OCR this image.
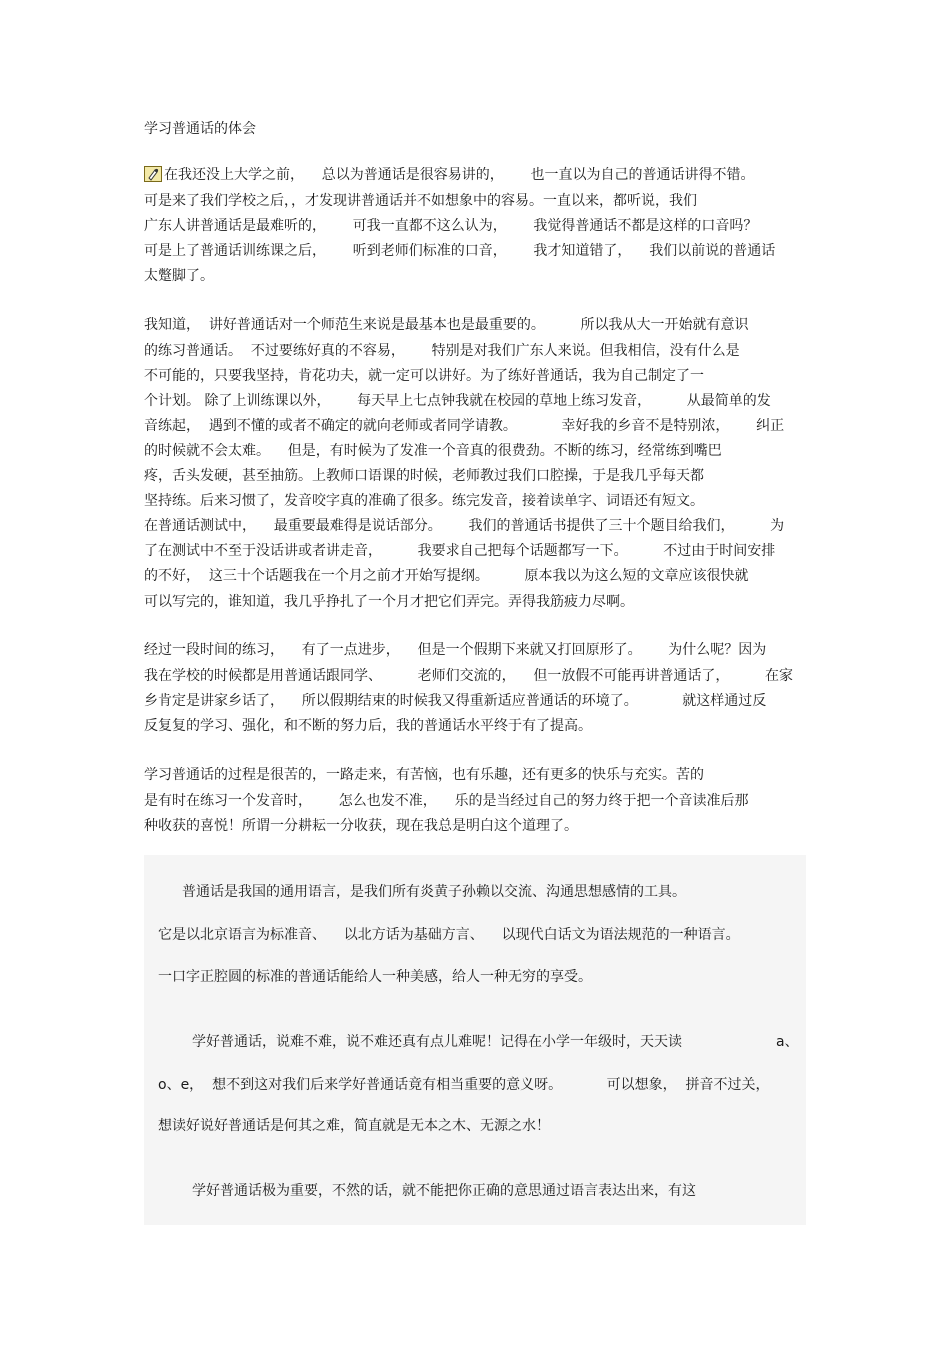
学习普通话的体会
在我还没上大学之前，    总以为普通话是很容易讲的，      也一直以为自己的普通话讲得不错。
可是来了我们学校之后，，才发现讲普通话并不如想象中的容易。一直以来，都听说，我们
广东人讲普通话是最难听的，      可我一直都不这么认为，      我觉得普通话不都是这样的口音吗？
可是上了普通话训练课之后，      听到老师们标准的口音，      我才知道错了，    我们以前说的普通话
太蹩脚了。
我知道，  讲好普通话对一个师范生来说是最基本也是最重要的。        所以我从大一开始就有意识
的练习普通话。  不过要练好真的不容易，      特别是对我们广东人来说。但我相信，没有什么是
不可能的，只要我坚持，肯花功夫，就一定可以讲好。为了练好普通话，我为自己制定了一
个计划。 除了上训练课以外，      每天早上七点钟我就在校园的草地上练习发音，        从最简单的发
音练起，  遇到不懂的或者不确定的就向老师或者同学请教。          幸好我的乡音不是特别浓，      纠正
的时候就不会太难。    但是，有时候为了发准一个音真的很费劲。不断的练习，经常练到嘴巴
疼，舌头发硬，甚至抽筋。上教师口语课的时候，老师教过我们口腔操，于是我几乎每天都
坚持练。后来习惯了，发音咬字真的准确了很多。练完发音，接着读单字、词语还有短文。
在普通话测试中，    最重要最难得是说话部分。      我们的普通话书提供了三十个题目给我们，        为
了在测试中不至于没话讲或者讲走音，        我要求自己把每个话题都写一下。        不过由于时间安排
的不好，  这三十个话题我在一个月之前才开始写提纲。        原本我以为这么短的文章应该很快就
可以写完的，谁知道，我几乎挣扎了一个月才把它们弄完。弄得我筋疲力尽啊。
经过一段时间的练习，    有了一点进步，    但是一个假期下来就又打回原形了。      为什么呢？因为
我在学校的时候都是用普通话跟同学、        老师们交流的，    但一放假不可能再讲普通话了，        在家
乡肯定是讲家乡话了，    所以假期结束的时候我又得重新适应普通话的环境了。          就这样通过反
反复复的学习、强化，和不断的努力后，我的普通话水平终于有了提高。
学习普通话的过程是很苦的，一路走来，有苦恼，也有乐趣，还有更多的快乐与充实。苦的
是有时在练习一个发音时，      怎么也发不准，    乐的是当经过自己的努力终于把一个音读准后那
种收获的喜悦！所谓一分耕耘一分收获，现在我总是明白这个道理了。
普通话是我国的通用语言，是我们所有炎黄子孙赖以交流、沟通思想感情的工具。
它是以北京语言为标准音、    以北方话为基础方言、    以现代白话文为语法规范的一种语言。
一口字正腔圆的标准的普通话能给人一种美感，给人一种无穷的享受。
学好普通话，说难不难，说不难还真有点儿难呢！记得在小学一年级时，天天读	a、
o、e，  想不到这对我们后来学好普通话竟有相当重要的意义呀。          可以想象，  拼音不过关，
想读好说好普通话是何其之难，简直就是无本之木、无源之水！
学好普通话极为重要，不然的话，就不能把你正确的意思通过语言表达出来，有这
